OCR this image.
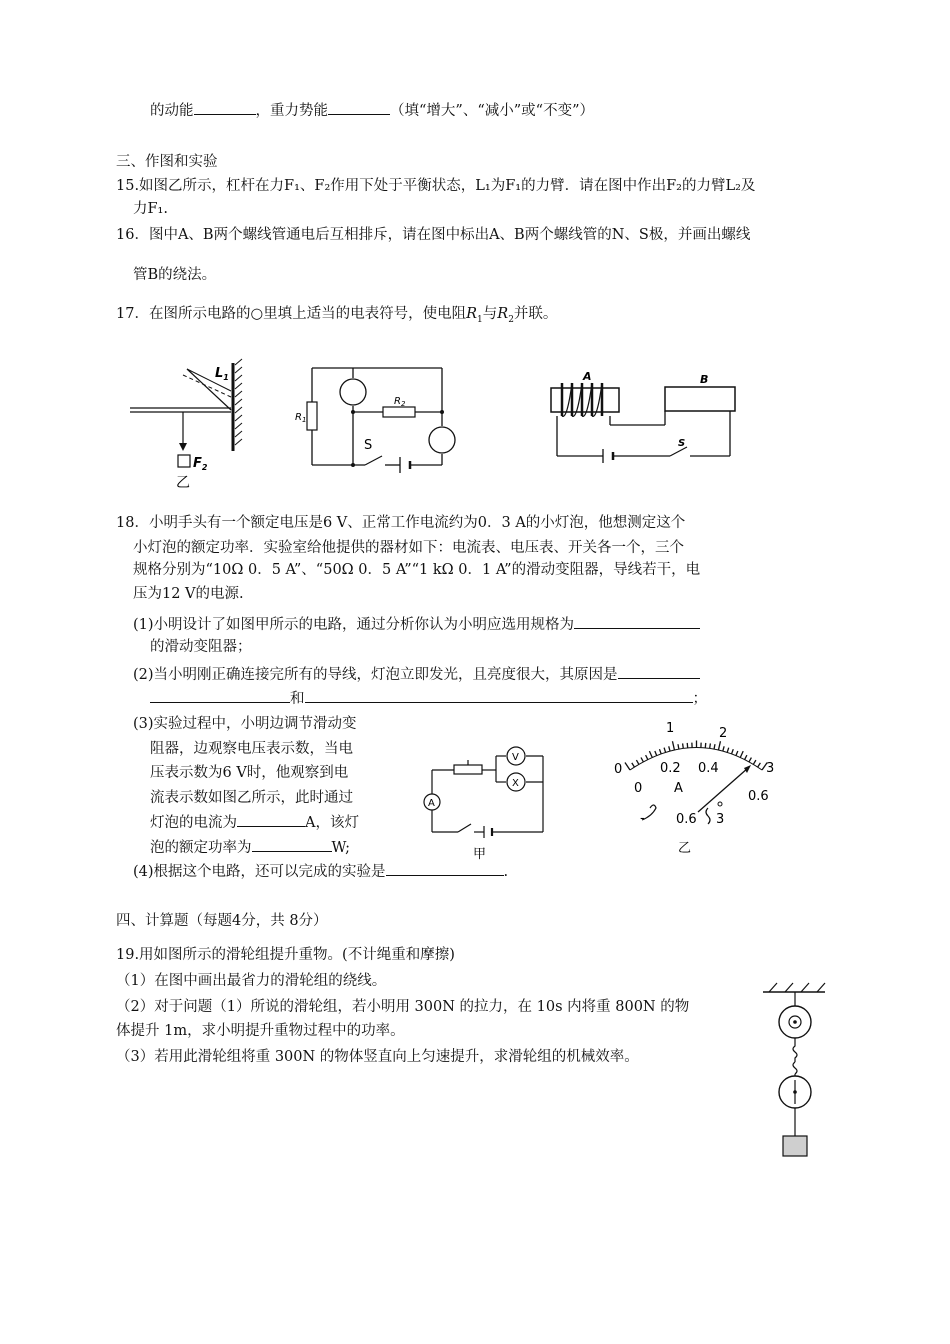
的动能	，重力势能	（填“增大”、“减小”或“不变”）
三、作图和实验
15.如图乙所示，杠杆在力F₁、F₂作用下处于平衡状态，L₁为F₁的力臂．请在图中作出F₂的力臂L₂及
力F₁.
16．图中A、B两个螺线管通电后互相排斥，请在图中标出A、B两个螺线管的N、S极，并画出螺线
管B的绕法。
17．在图所示电路的○里填上适当的电表符号，使电阻$R_1$与$R_2$并联。
$L_1$
$F_2$
乙
$R_1$
$R_2$
S
A	B
S
18．小明手头有一个额定电压是6 V、正常工作电流约为0．3 A的小灯泡，他想测定这个
小灯泡的额定功率．实验室给他提供的器材如下：电流表、电压表、开关各一个，三个
规格分别为“10Ω 0．5 A”、“50Ω 0．5 A”“1 kΩ 0．1 A”的滑动变阻器，导线若干，电
压为12 V的电源.
(1)小明设计了如图甲所示的电路，通过分析你认为小明应选用规格为
的滑动变阻器；
(2)当小明刚正确连接完所有的导线，灯泡立即发光，且亮度很大，其原因是
和	；
(3)实验过程中，小明边调节滑动变
阻器，边观察电压表示数，当电
压表示数为6 V时，他观察到电
流表示数如图乙所示，此时通过
灯泡的电流为	A，该灯
泡的额定功率为	W;
(4)根据这个电路，还可以完成的实验是	.
V
X
A
甲
1	2
3
0	0.2 0.4
0 A
0.6
- 0.6 3
乙
四、计算题（每题4分，共 8分）
19.用如图所示的滑轮组提升重物。(不计绳重和摩擦)
（1）在图中画出最省力的滑轮组的绕线。
（2）对于问题（1）所说的滑轮组，若小明用 300N 的拉力，在 10s 内将重 800N 的物
体提升 1m，求小明提升重物过程中的功率。
（3）若用此滑轮组将重 300N 的物体竖直向上匀速提升，求滑轮组的机械效率。
